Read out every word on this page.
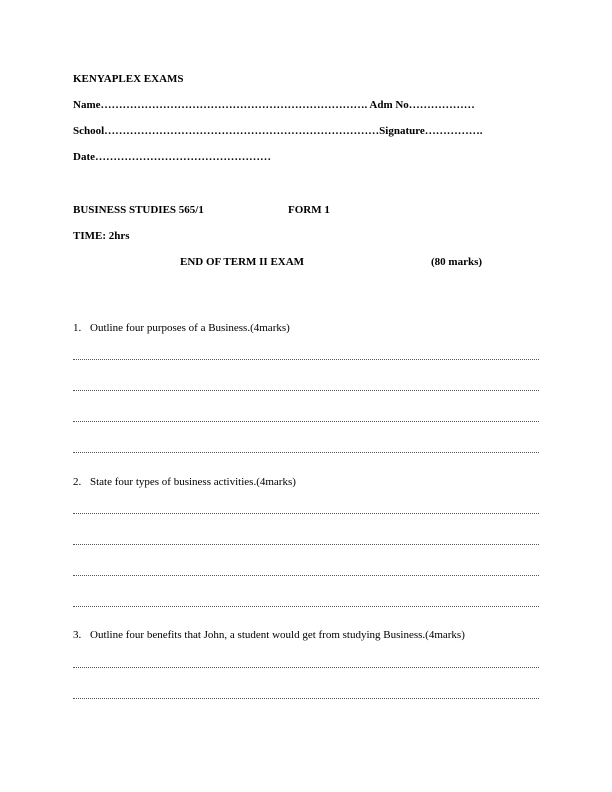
KENYAPLEX EXAMS
Name………………………………………………………………. Adm No………………
School…………………………………………………………………Signature…………….
Date…………………………………………
BUSINESS STUDIES 565/1	FORM 1
TIME: 2hrs
END OF TERM II EXAM	(80 marks)
1. Outline four purposes of a Business.(4marks)
2. State four types of business activities.(4marks)
3. Outline four benefits that John, a student would get from studying Business.(4marks)
